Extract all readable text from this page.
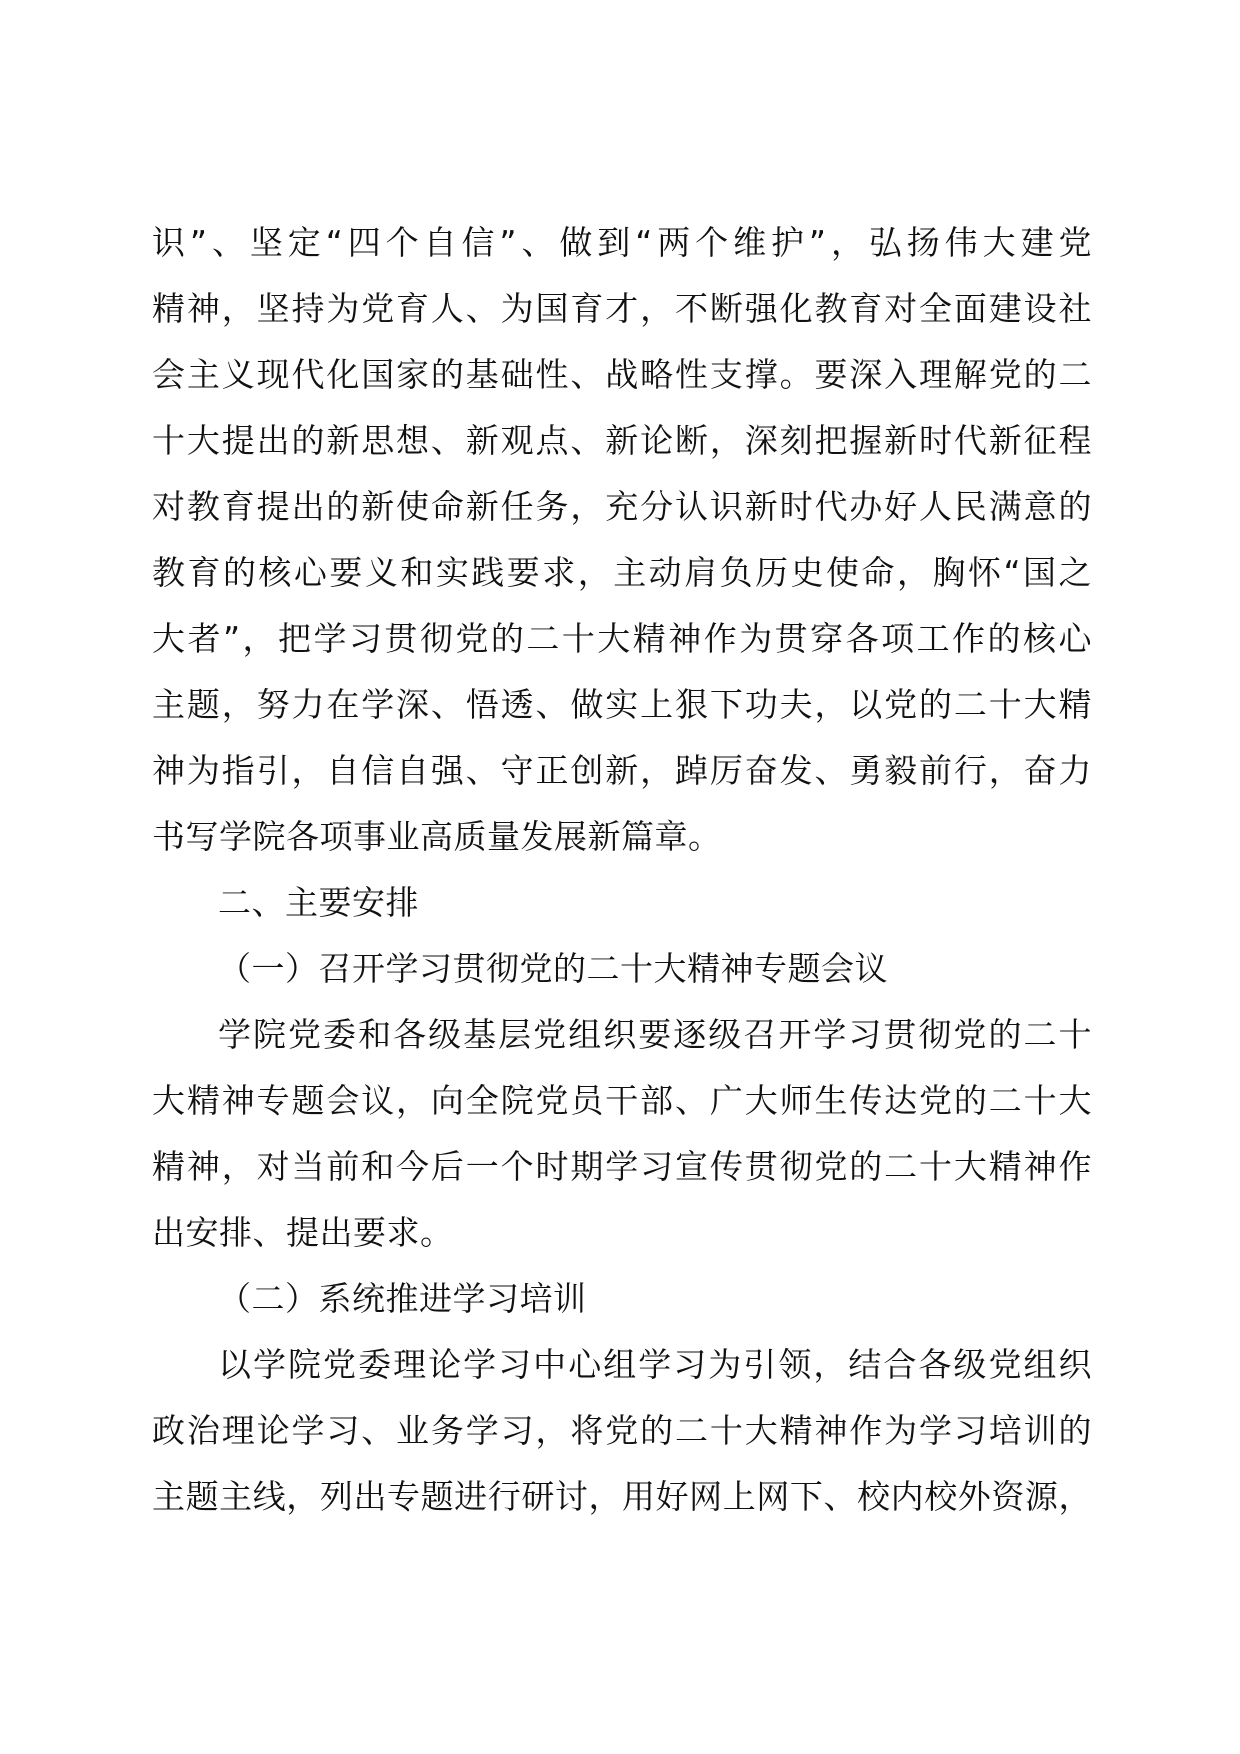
识”、坚定“四个自信”、做到“两个维护”，弘扬伟大建党
精神，坚持为党育人、为国育才，不断强化教育对全面建设社
会主义现代化国家的基础性、战略性支撑。要深入理解党的二
十大提出的新思想、新观点、新论断，深刻把握新时代新征程
对教育提出的新使命新任务，充分认识新时代办好人民满意的
教育的核心要义和实践要求，主动肩负历史使命，胸怀“国之
大者”，把学习贯彻党的二十大精神作为贯穿各项工作的核心
主题，努力在学深、悟透、做实上狠下功夫，以党的二十大精
神为指引，自信自强、守正创新，踔厉奋发、勇毅前行，奋力
书写学院各项事业高质量发展新篇章。
二、主要安排
（一）召开学习贯彻党的二十大精神专题会议
学院党委和各级基层党组织要逐级召开学习贯彻党的二十
大精神专题会议，向全院党员干部、广大师生传达党的二十大
精神，对当前和今后一个时期学习宣传贯彻党的二十大精神作
出安排、提出要求。
（二）系统推进学习培训
以学院党委理论学习中心组学习为引领，结合各级党组织
政治理论学习、业务学习，将党的二十大精神作为学习培训的
主题主线，列出专题进行研讨，用好网上网下、校内校外资源，
